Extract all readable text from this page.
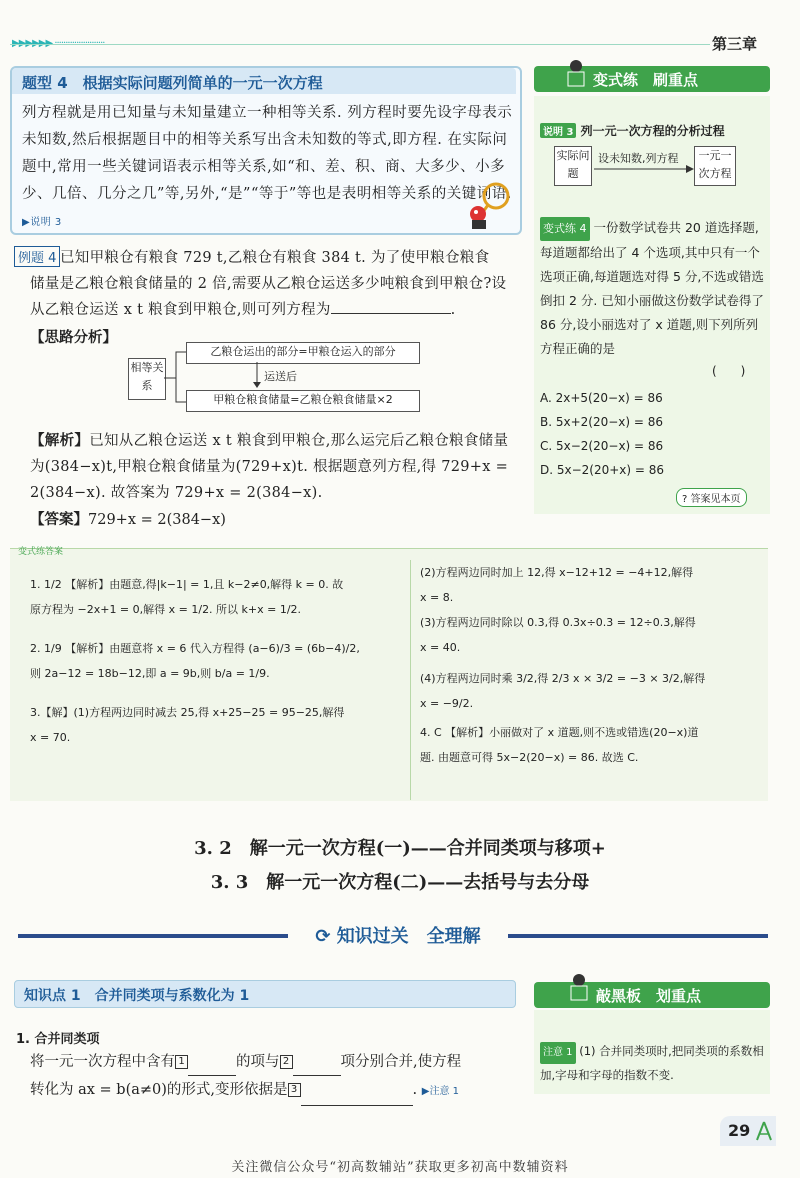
第三章
题型 4　根据实际问题列简单的一元一次方程
列方程就是用已知量与未知量建立一种相等关系. 列方程时要先设字母表示未知数,然后根据题目中的相等关系写出含未知数的等式,即方程. 在实际问题中,常用一些关键词语表示相等关系,如“和、差、积、商、大多少、小多少、几倍、几分之几”等,另外,“是”“等于”等也是表明相等关系的关键词语. ▶说明 3
变式练　刷重点
说明 3 列一元一次方程的分析过程
实际问题
设未知数,列方程	一元一次方程
变式练 4 一份数学试卷共 20 道选择题,每道题都给出了 4 个选项,其中只有一个选项正确,每道题选对得 5 分,不选或错选倒扣 2 分. 已知小丽做这份数学试卷得了 86 分,设小丽选对了 x 道题,则下列所列方程正确的是
(　　)
A. 2x+5(20−x) = 86
B. 5x+2(20−x) = 86
C. 5x−2(20−x) = 86
D. 5x−2(20+x) = 86
? 答案见本页
例题 4 已知甲粮仓有粮食 729 t,乙粮仓有粮食 384 t. 为了使甲粮仓粮食
储量是乙粮仓粮食储量的 2 倍,需要从乙粮仓运送多少吨粮食到甲粮仓?设从乙粮仓运送 x t 粮食到甲粮仓,则可列方程为	.
【思路分析】
相等关系
乙粮仓运出的部分=甲粮仓运入的部分
运送后
甲粮仓粮食储量=乙粮仓粮食储量×2
【解析】已知从乙粮仓运送 x t 粮食到甲粮仓,那么运完后乙粮仓粮食储量为(384−x)t,甲粮仓粮食储量为(729+x)t. 根据题意列方程,得 729+x = 2(384−x). 故答案为 729+x = 2(384−x).
【答案】729+x = 2(384−x)
变式练答案
1. 1/2 【解析】由题意,得|k−1| = 1,且 k−2≠0,解得 k = 0. 故
原方程为 −2x+1 = 0,解得 x = 1/2. 所以 k+x = 1/2.
2. 1/9 【解析】由题意将 x = 6 代入方程得 (a−6)/3 = (6b−4)/2,
则 2a−12 = 18b−12,即 a = 9b,则 b/a = 1/9.
3.【解】(1)方程两边同时减去 25,得 x+25−25 = 95−25,解得
x = 70.
(2)方程两边同时加上 12,得 x−12+12 = −4+12,解得
x = 8.
(3)方程两边同时除以 0.3,得 0.3x÷0.3 = 12÷0.3,解得
x = 40.
(4)方程两边同时乘 3/2,得 2/3 x × 3/2 = −3 × 3/2,解得
x = −9/2.
4. C 【解析】小丽做对了 x 道题,则不选或错选(20−x)道
题. 由题意可得 5x−2(20−x) = 86. 故选 C.
3. 2　解一元一次方程(一)——合并同类项与移项+
3. 3　解一元一次方程(二)——去括号与去分母
⟳ 知识过关　全理解
知识点 1　合并同类项与系数化为 1
1. 合并同类项
将一元一次方程中含有 1	的项与 2	项分别合并,使方程
转化为 ax = b(a≠0)的形式,变形依据是 3	. ▶注意 1
敲黑板　划重点
注意 1 (1) 合并同类项时,把同类项的系数相加,字母和字母的指数不变.
29
关注微信公众号“初高数辅站”获取更多初高中数辅资料
